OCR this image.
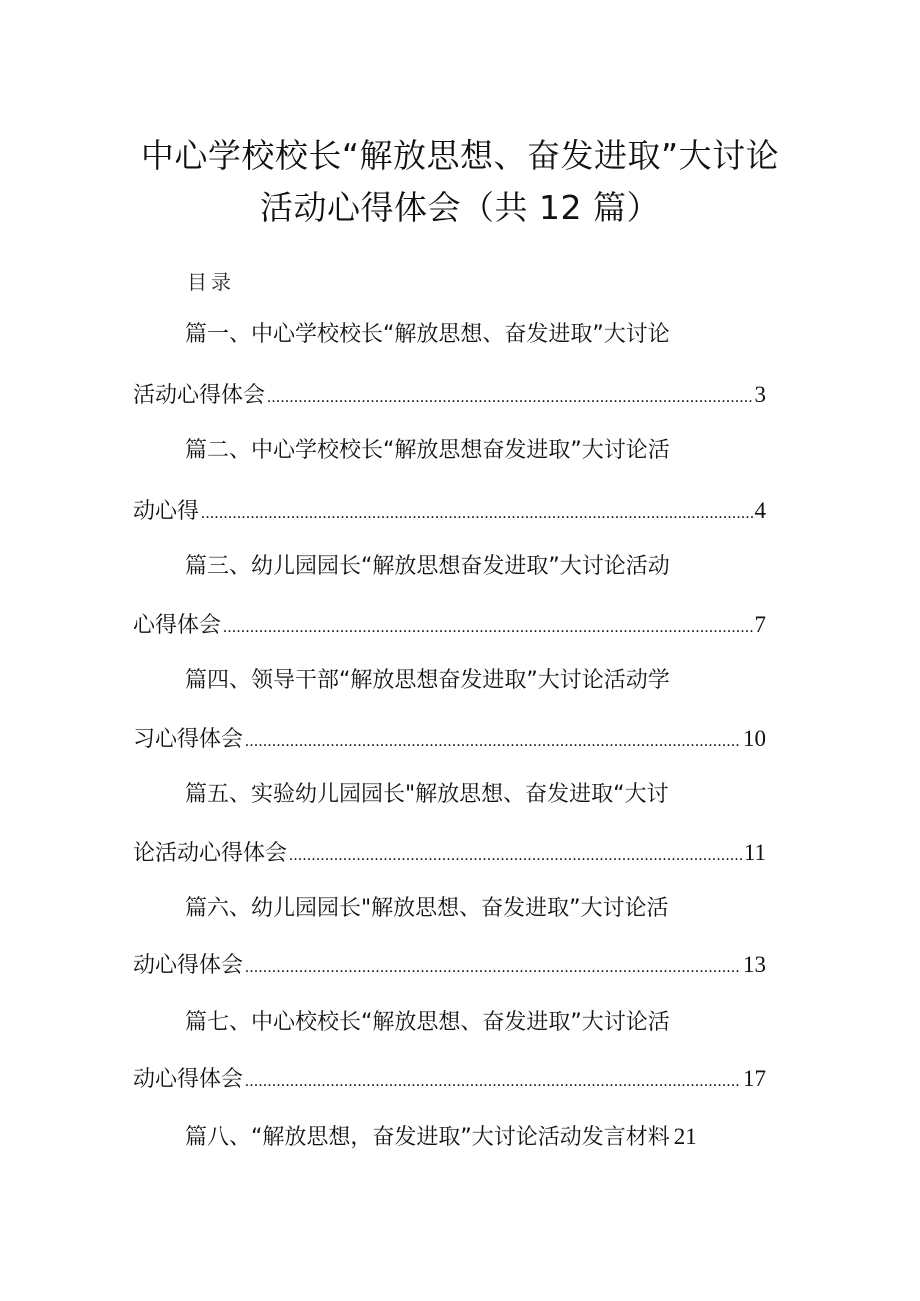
中心学校校长“解放思想、奋发进取”大讨论
活动心得体会（共 12 篇）
目录
篇一、中心学校校长“解放思想、奋发进取”大讨论
活动心得体会 .....	3
篇二、中心学校校长“解放思想奋发进取”大讨论活
动心得 .....	4
篇三、幼儿园园长“解放思想奋发进取”大讨论活动
心得体会 .....	7
篇四、领导干部“解放思想奋发进取”大讨论活动学
习心得体会 .....	10
篇五、实验幼儿园园长"解放思想、奋发进取“大讨
论活动心得体会 .....	11
篇六、幼儿园园长"解放思想、奋发进取”大讨论活
动心得体会 .....	13
篇七、中心校校长“解放思想、奋发进取”大讨论活
动心得体会 .....	17
篇八、“解放思想，奋发进取”大讨论活动发言材料 21
